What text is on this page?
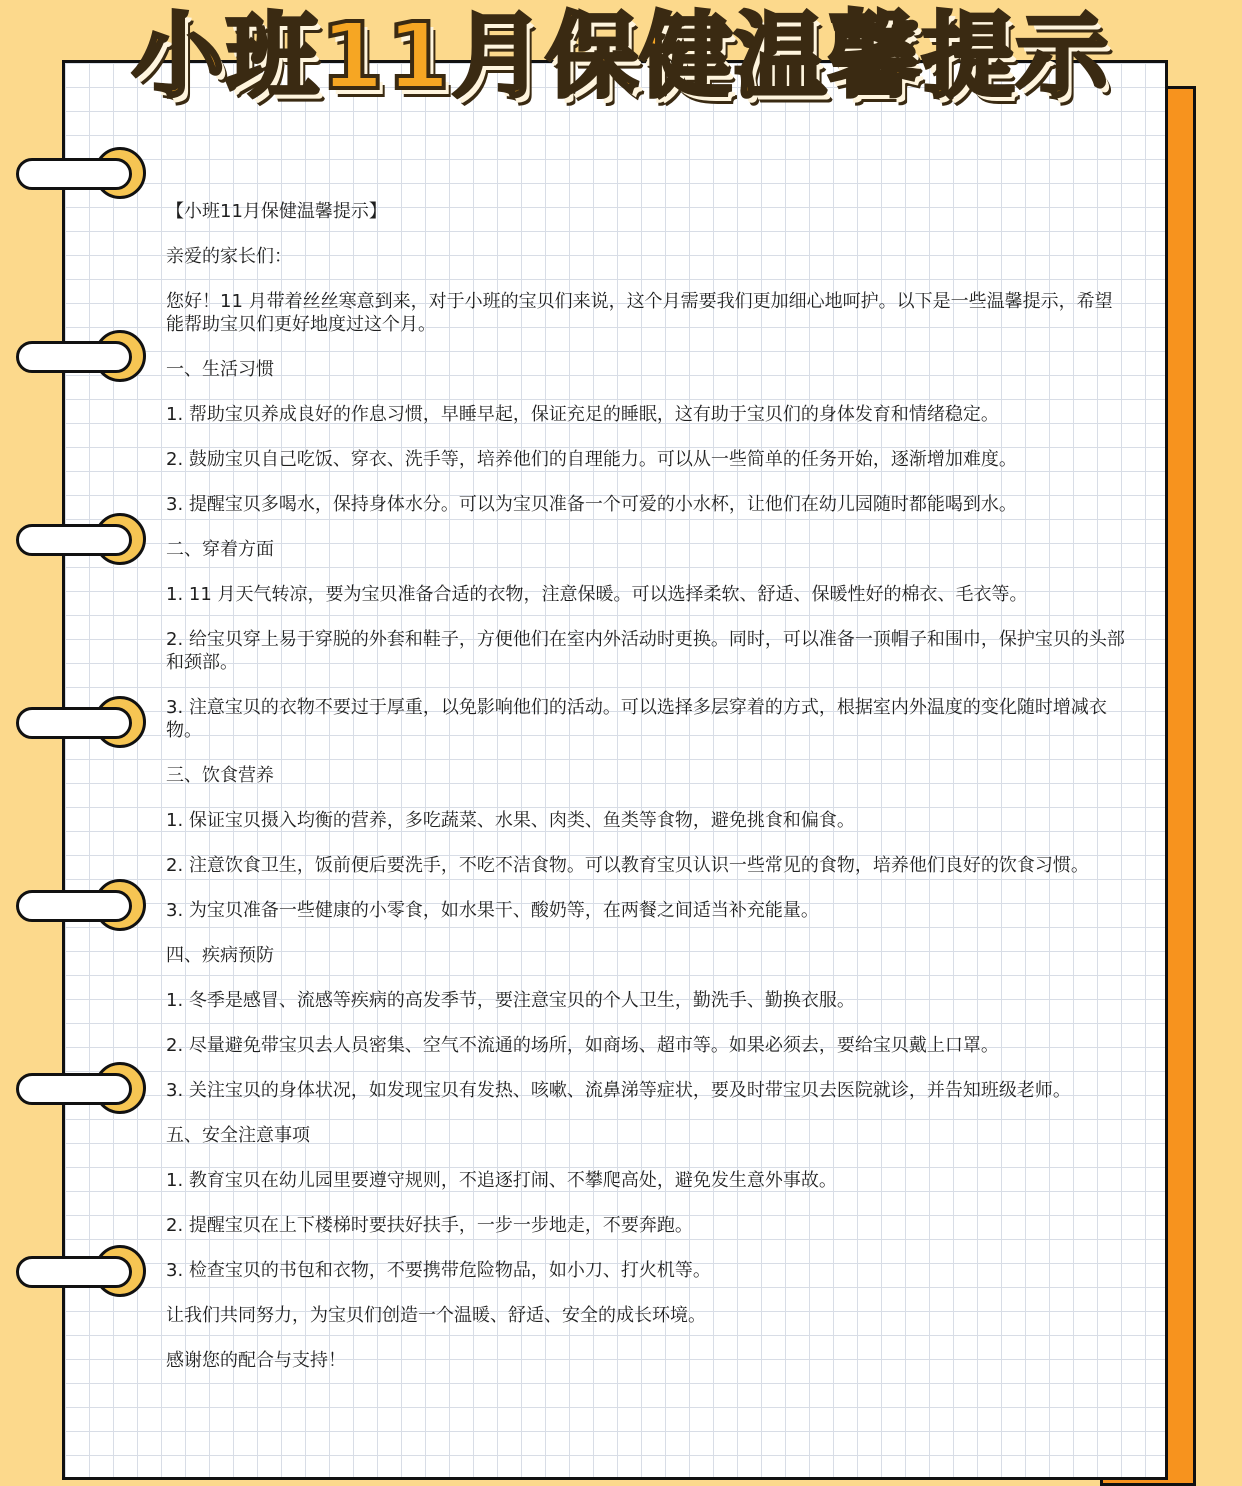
小班11月保健温馨提示

【小班11月保健温馨提示】

亲爱的家长们：

您好！11 月带着丝丝寒意到来，对于小班的宝贝们来说，这个月需要我们更加细心地呵护。以下是一些温馨提示，希望能帮助宝贝们更好地度过这个月。

一、生活习惯

1. 帮助宝贝养成良好的作息习惯，早睡早起，保证充足的睡眠，这有助于宝贝们的身体发育和情绪稳定。

2. 鼓励宝贝自己吃饭、穿衣、洗手等，培养他们的自理能力。可以从一些简单的任务开始，逐渐增加难度。

3. 提醒宝贝多喝水，保持身体水分。可以为宝贝准备一个可爱的小水杯，让他们在幼儿园随时都能喝到水。

二、穿着方面

1. 11 月天气转凉，要为宝贝准备合适的衣物，注意保暖。可以选择柔软、舒适、保暖性好的棉衣、毛衣等。

2. 给宝贝穿上易于穿脱的外套和鞋子，方便他们在室内外活动时更换。同时，可以准备一顶帽子和围巾，保护宝贝的头部和颈部。

3. 注意宝贝的衣物不要过于厚重，以免影响他们的活动。可以选择多层穿着的方式，根据室内外温度的变化随时增减衣物。

三、饮食营养

1. 保证宝贝摄入均衡的营养，多吃蔬菜、水果、肉类、鱼类等食物，避免挑食和偏食。

2. 注意饮食卫生，饭前便后要洗手，不吃不洁食物。可以教育宝贝认识一些常见的食物，培养他们良好的饮食习惯。

3. 为宝贝准备一些健康的小零食，如水果干、酸奶等，在两餐之间适当补充能量。

四、疾病预防

1. 冬季是感冒、流感等疾病的高发季节，要注意宝贝的个人卫生，勤洗手、勤换衣服。

2. 尽量避免带宝贝去人员密集、空气不流通的场所，如商场、超市等。如果必须去，要给宝贝戴上口罩。

3. 关注宝贝的身体状况，如发现宝贝有发热、咳嗽、流鼻涕等症状，要及时带宝贝去医院就诊，并告知班级老师。

五、安全注意事项

1. 教育宝贝在幼儿园里要遵守规则，不追逐打闹、不攀爬高处，避免发生意外事故。

2. 提醒宝贝在上下楼梯时要扶好扶手，一步一步地走，不要奔跑。

3. 检查宝贝的书包和衣物，不要携带危险物品，如小刀、打火机等。

让我们共同努力，为宝贝们创造一个温暖、舒适、安全的成长环境。

感谢您的配合与支持！
